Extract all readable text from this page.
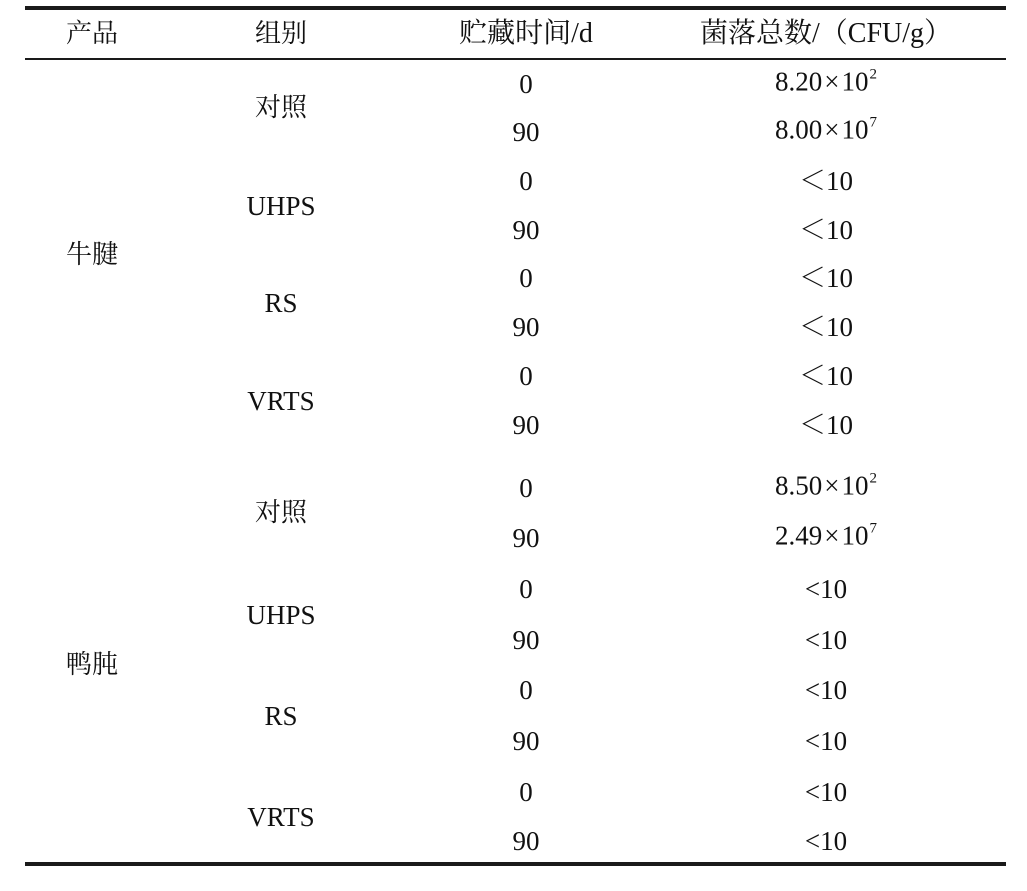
产品	组别	贮藏时间/d	菌落总数/（CFU/g）
牛腱
对照
0	$8.20\times 10^2$
90	$8.00\times 10^7$
UHPS
0	＜10
90	＜10
RS
0	＜10
90	＜10
VRTS
0	＜10
90	＜10
鸭肫
对照
0	$8.50\times 10^2$
90	$2.49\times 10^7$
UHPS
0	<10
90	<10
RS
0	<10
90	<10
VRTS
0	<10
90	<10
